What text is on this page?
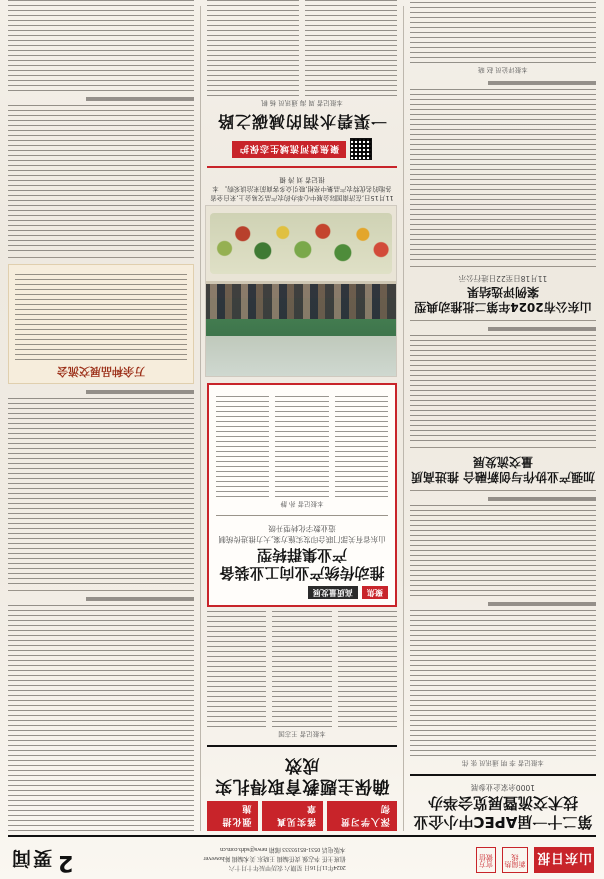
山东日报
新闻热线
官方微信
2024年11月16日 星期六 农历甲辰年十月十六
值班主任 李志强 责任编辑 王晓东 美术编辑 陈however
本版电话 0531-85193333 邮箱 news@sdrb.com.cn
2
要闻
第二十一届APEC中小企业技术交流暨展览会举办
1000余家企业参展
本报记者 李 明 通讯员 张 伟
加强产业协作与创新融合 推进高质量交流发展
山东公布2024年第二批推动典型案例评选结果
11月18日至22日进行公示
本报评论员 赵 晓
深入学习贯彻
落实见真章
强化措施
确保主题教育取得扎实成效
本报记者 王志国
聚焦
高质量发展
推动传统产业向工业装备产业集群转型
山东省有关部门联合印发实施方案,大力推进传统制造业数字化转型升级
本报记者 孙 静
11月15日,在济南国际会展中心举办的农产品交易会上,来自全省各地的名优特农产品集中亮相,吸引众多客商前来洽谈采购。 本报记者 刘 涛 摄
聚焦黄河流域生态保护
一渠碧水润的减碳之路
本报记者 周 海 通讯员 杨 帆
万余种品展交流会
